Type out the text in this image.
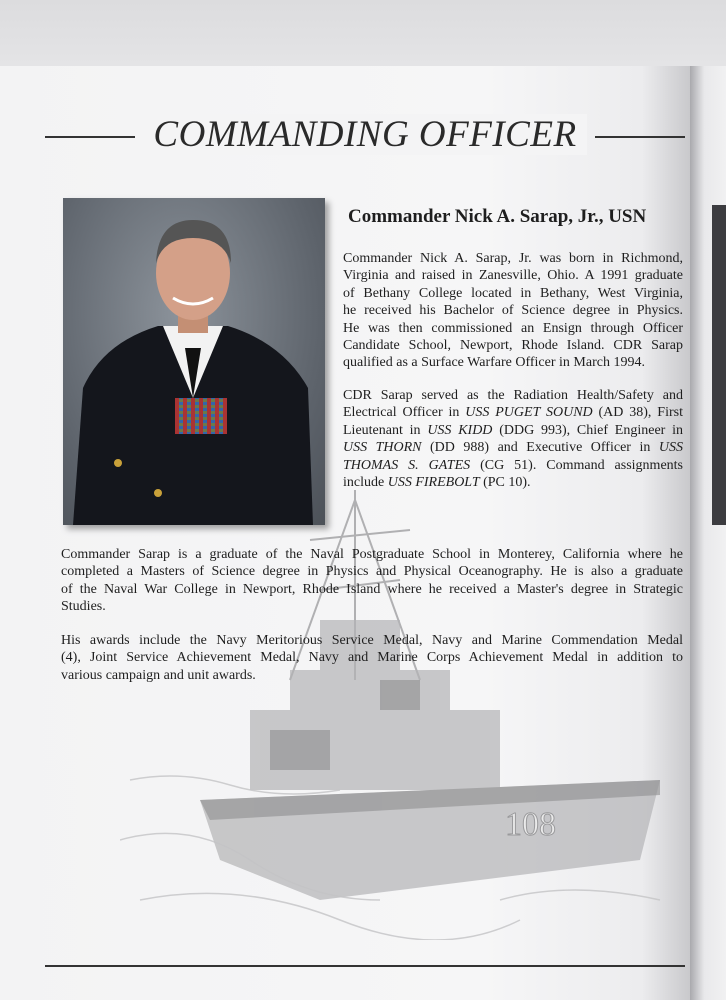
108
COMMANDING OFFICER
Commander Nick A. Sarap, Jr., USN
Commander Nick A. Sarap, Jr. was born in Richmond,
Virginia and raised in Zanesville, Ohio. A 1991 graduate
of Bethany College located in Bethany, West Virginia,
he received his Bachelor of Science degree in Physics.
He was then commissioned an Ensign through Officer
Candidate School, Newport, Rhode Island. CDR Sarap
qualified as a Surface Warfare Officer in March 1994.
CDR Sarap served as the Radiation Health/Safety and
Electrical Officer in USS PUGET SOUND (AD 38), First
Lieutenant in USS KIDD (DDG 993), Chief Engineer in
USS THORN (DD 988) and Executive Officer in USS
THOMAS S. GATES (CG 51). Command assignments
include USS FIREBOLT (PC 10).
Commander Sarap is a graduate of the Naval Postgraduate School in Monterey, California where he
completed a Masters of Science degree in Physics and Physical Oceanography. He is also a graduate
of the Naval War College in Newport, Rhode Island where he received a Master's degree in Strategic
Studies.
His awards include the Navy Meritorious Service Medal, Navy and Marine Commendation Medal
(4), Joint Service Achievement Medal, Navy and Marine Corps Achievement Medal in addition to
various campaign and unit awards.
